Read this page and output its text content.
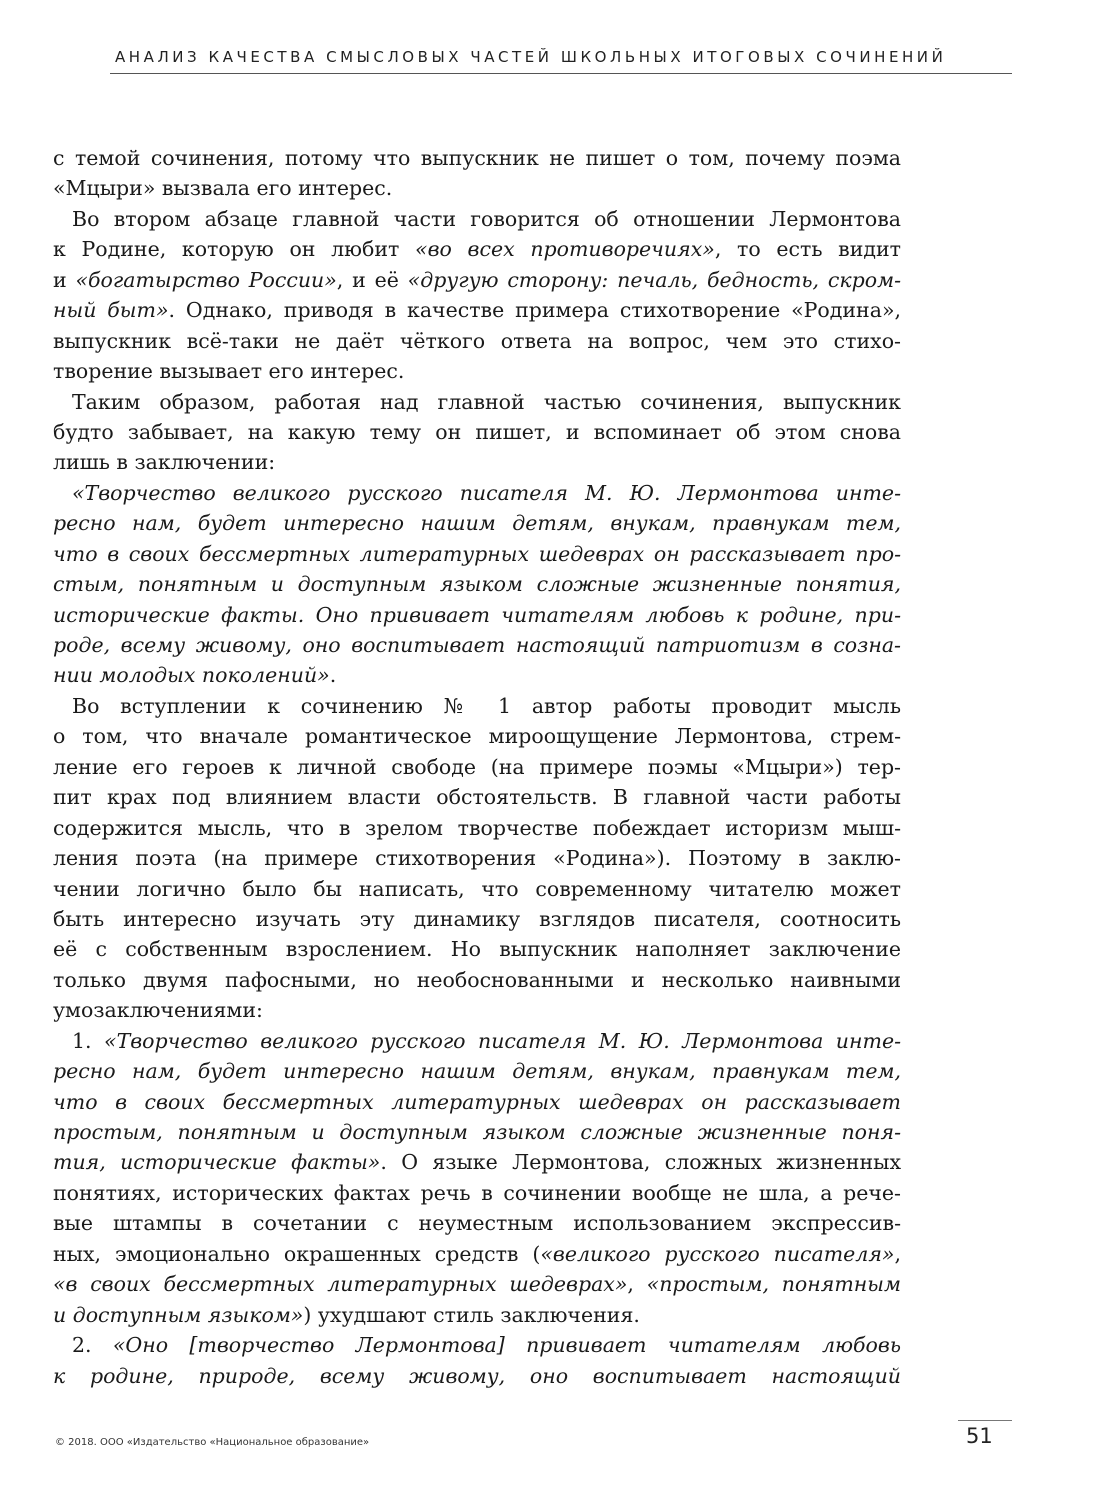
АНАЛИЗ КАЧЕСТВА СМЫСЛОВЫХ ЧАСТЕЙ ШКОЛЬНЫХ ИТОГОВЫХ СОЧИНЕНИЙ
с темой сочинения, потому что выпускник не пишет о том, почему поэма
«Мцыри» вызвала его интерес.
Во втором абзаце главной части говорится об отношении Лермонтова
к Родине, которую он любит «во всех противоречиях», то есть видит
и «богатырство России», и её «другую сторону: печаль, бедность, скром-
ный быт». Однако, приводя в качестве примера стихотворение «Родина»,
выпускник всё-таки не даёт чёткого ответа на вопрос, чем это стихо-
творение вызывает его интерес.
Таким образом, работая над главной частью сочинения, выпускник
будто забывает, на какую тему он пишет, и вспоминает об этом снова
лишь в заключении:
«Творчество великого русского писателя М. Ю. Лермонтова инте-
ресно нам, будет интересно нашим детям, внукам, правнукам тем,
что в своих бессмертных литературных шедеврах он рассказывает про-
стым, понятным и доступным языком сложные жизненные понятия,
исторические факты. Оно прививает читателям любовь к родине, при-
роде, всему живому, оно воспитывает настоящий патриотизм в созна-
нии молодых поколений».
Во вступлении к сочинению № 1 автор работы проводит мысль
о том, что вначале романтическое мироощущение Лермонтова, стрем-
ление его героев к личной свободе (на примере поэмы «Мцыри») тер-
пит крах под влиянием власти обстоятельств. В главной части работы
содержится мысль, что в зрелом творчестве побеждает историзм мыш-
ления поэта (на примере стихотворения «Родина»). Поэтому в заклю-
чении логично было бы написать, что современному читателю может
быть интересно изучать эту динамику взглядов писателя, соотносить
её с собственным взрослением. Но выпускник наполняет заключение
только двумя пафосными, но необоснованными и несколько наивными
умозаключениями:
1. «Творчество великого русского писателя М. Ю. Лермонтова инте-
ресно нам, будет интересно нашим детям, внукам, правнукам тем,
что в своих бессмертных литературных шедеврах он рассказывает
простым, понятным и доступным языком сложные жизненные поня-
тия, исторические факты». О языке Лермонтова, сложных жизненных
понятиях, исторических фактах речь в сочинении вообще не шла, а рече-
вые штампы в сочетании с неуместным использованием экспрессив-
ных, эмоционально окрашенных средств («великого русского писателя»,
«в своих бессмертных литературных шедеврах», «простым, понятным
и доступным языком») ухудшают стиль заключения.
2. «Оно [творчество Лермонтова] прививает читателям любовь
к родине, природе, всему живому, оно воспитывает настоящий
© 2018. ООО «Издательство «Национальное образование»	51
